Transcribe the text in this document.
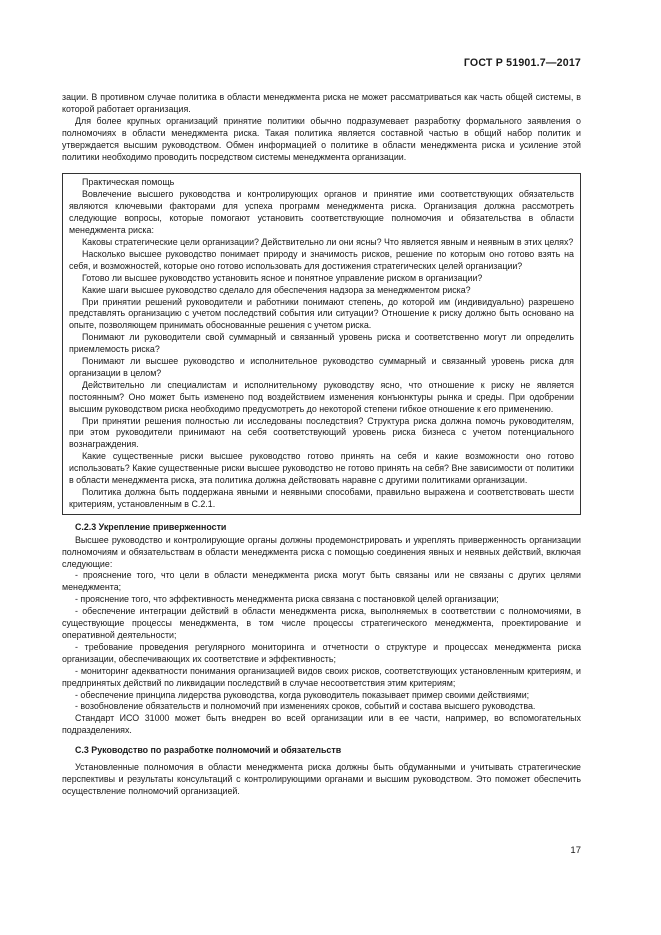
ГОСТ Р 51901.7—2017

зации. В противном случае политика в области менеджмента риска не может рассматриваться как часть общей системы, в которой работает организация.

Для более крупных организаций принятие политики обычно подразумевает разработку формального заявления о полномочиях в области менеджмента риска. Такая политика является составной частью в общий набор политик и утверждается высшим руководством. Обмен информацией о политике в области менеджмента риска и усиление этой политики необходимо проводить посредством системы менеджмента организации.

Практическая помощь

Вовлечение высшего руководства и контролирующих органов и принятие ими соответствующих обязательств являются ключевыми факторами для успеха программ менеджмента риска. Организация должна рассмотреть следующие вопросы, которые помогают установить соответствующие полномочия и обязательства в области менеджмента риска:

Каковы стратегические цели организации? Действительно ли они ясны? Что является явным и неявным в этих целях?

Насколько высшее руководство понимает природу и значимость рисков, решение по которым оно готово взять на себя, и возможностей, которые оно готово использовать для достижения стратегических целей организации?

Готово ли высшее руководство установить ясное и понятное управление риском в организации?

Какие шаги высшее руководство сделало для обеспечения надзора за менеджментом риска?

При принятии решений руководители и работники понимают степень, до которой им (индивидуально) разрешено представлять организацию с учетом последствий события или ситуации? Отношение к риску должно быть основано на опыте, позволяющем принимать обоснованные решения с учетом риска.

Понимают ли руководители свой суммарный и связанный уровень риска и соответственно могут ли определить приемлемость риска?

Понимают ли высшее руководство и исполнительное руководство суммарный и связанный уровень риска для организации в целом?

Действительно ли специалистам и исполнительному руководству ясно, что отношение к риску не является постоянным? Оно может быть изменено под воздействием изменения конъюнктуры рынка и среды. При одобрении высшим руководством риска необходимо предусмотреть до некоторой степени гибкое отношение к его применению.

При принятии решения полностью ли исследованы последствия? Структура риска должна помочь руководителям, при этом руководители принимают на себя соответствующий уровень риска бизнеса с учетом потенциального вознаграждения.

Какие существенные риски высшее руководство готово принять на себя и какие возможности оно готово использовать? Какие существенные риски высшее руководство не готово принять на себя? Вне зависимости от политики в области менеджмента риска, эта политика должна действовать наравне с другими политиками организации.

Политика должна быть поддержана явными и неявными способами, правильно выражена и соответствовать шести критериям, установленным в С.2.1.

С.2.3 Укрепление приверженности

Высшее руководство и контролирующие органы должны продемонстрировать и укреплять приверженность организации полномочиям и обязательствам в области менеджмента риска с помощью соединения явных и неявных действий, включая следующие:

- прояснение того, что цели в области менеджмента риска могут быть связаны или не связаны с других целями менеджмента;

- прояснение того, что эффективность менеджмента риска связана с постановкой целей организации;

- обеспечение интеграции действий в области менеджмента риска, выполняемых в соответствии с полномочиями, в существующие процессы менеджмента, в том числе процессы стратегического менеджмента, проектирование и оперативной деятельности;

- требование проведения регулярного мониторинга и отчетности о структуре и процессах менеджмента риска организации, обеспечивающих их соответствие и эффективность;

- мониторинг адекватности понимания организацией видов своих рисков, соответствующих установленным критериям, и предпринятых действий по ликвидации последствий в случае несоответствия этим критериям;

- обеспечение принципа лидерства руководства, когда руководитель показывает пример своими действиями;

- возобновление обязательств и полномочий при изменениях сроков, событий и состава высшего руководства.

Стандарт ИСО 31000 может быть внедрен во всей организации или в ее части, например, во вспомогательных подразделениях.

С.3 Руководство по разработке полномочий и обязательств

Установленные полномочия в области менеджмента риска должны быть обдуманными и учитывать стратегические перспективы и результаты консультаций с контролирующими органами и высшим руководством. Это поможет обеспечить осуществление полномочий организацией.

17
